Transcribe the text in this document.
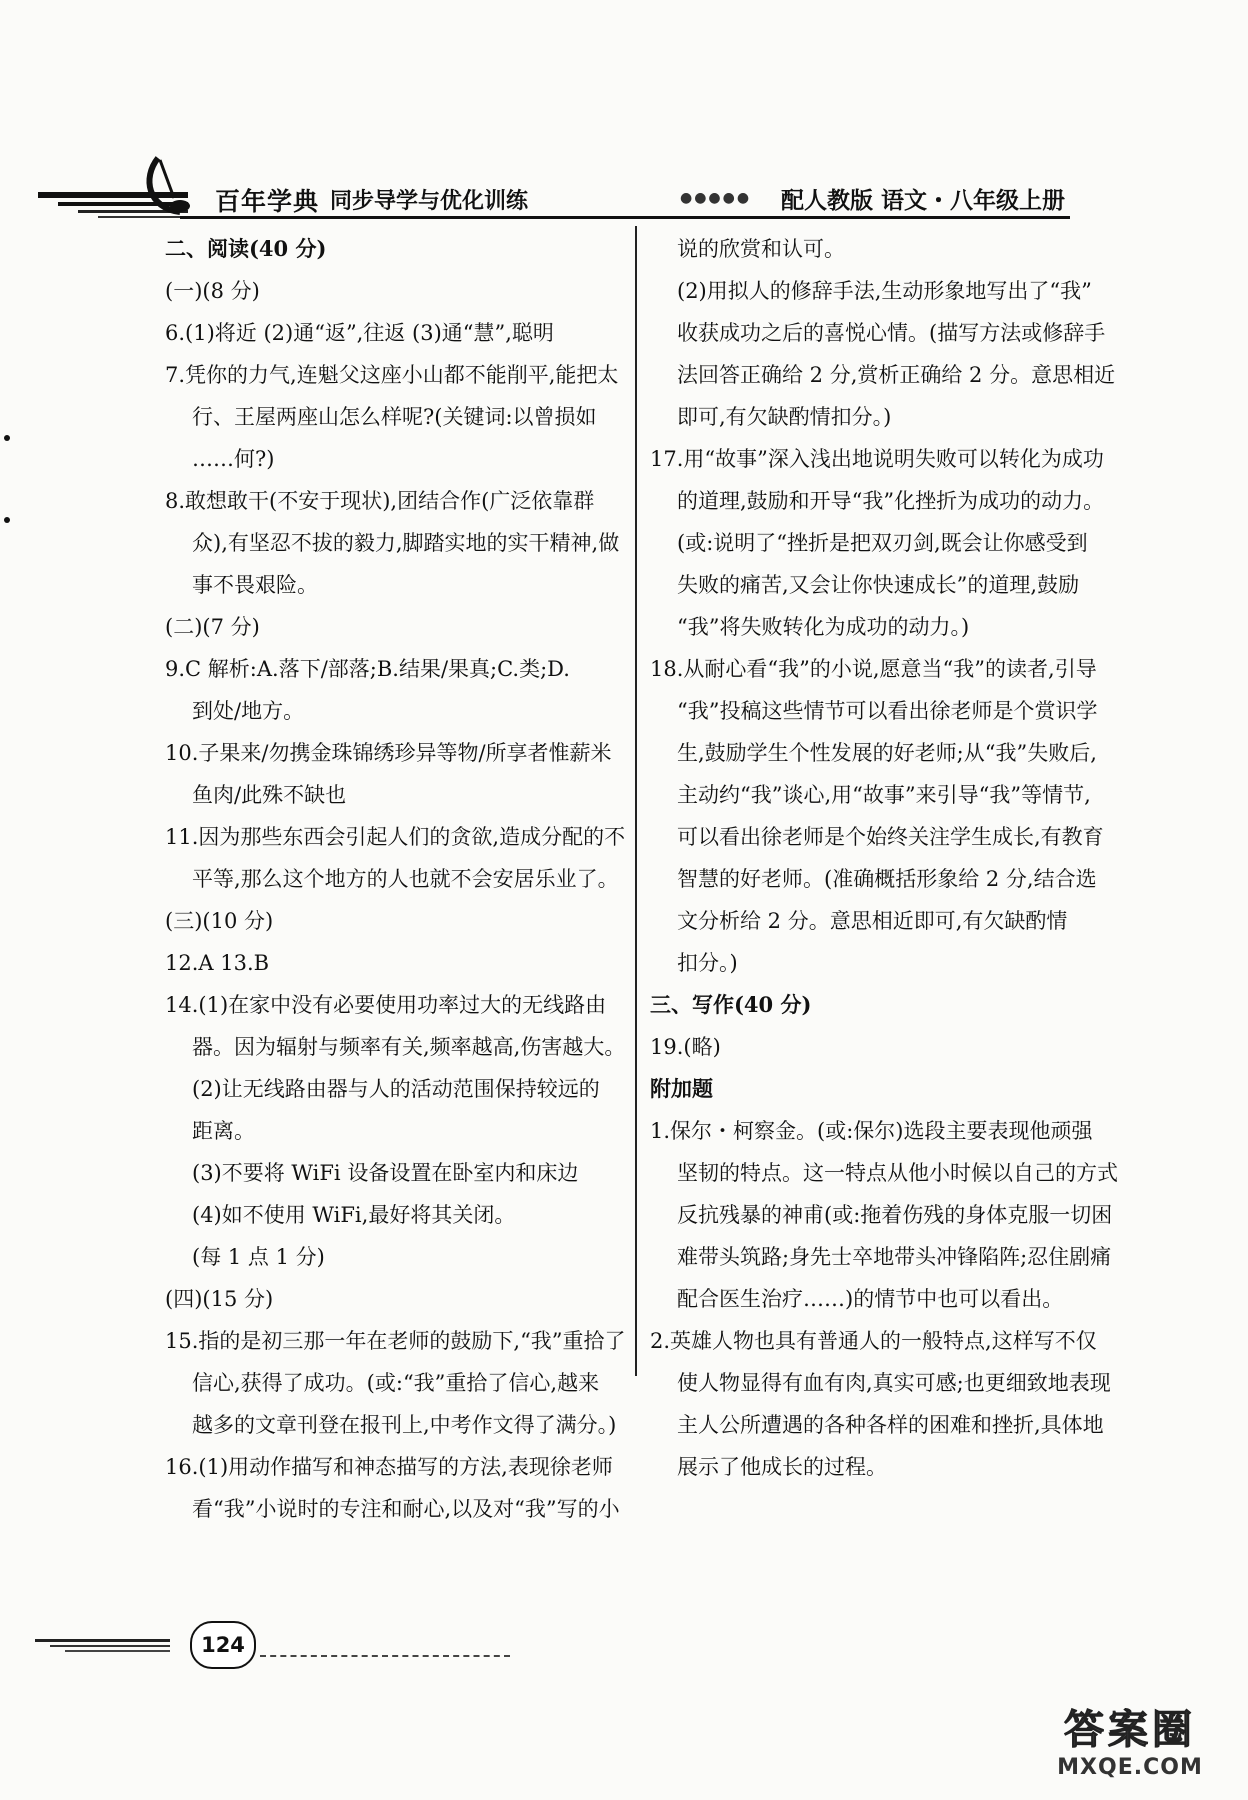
百年学典 同步导学与优化训练	●●●●● 配人教版 语文・八年级上册
二、阅读(40 分)
(一)(8 分)
6.(1)将近 (2)通“返”,往返 (3)通“慧”,聪明
7.凭你的力气,连魁父这座小山都不能削平,能把太
行、王屋两座山怎么样呢?(关键词:以曾损如
……何?)
8.敢想敢干(不安于现状),团结合作(广泛依靠群
众),有坚忍不拔的毅力,脚踏实地的实干精神,做
事不畏艰险。
(二)(7 分)
9.C 解析:A.落下/部落;B.结果/果真;C.类;D.
到处/地方。
10.子果来/勿携金珠锦绣珍异等物/所享者惟薪米
鱼肉/此殊不缺也
11.因为那些东西会引起人们的贪欲,造成分配的不
平等,那么这个地方的人也就不会安居乐业了。
(三)(10 分)
12.A 13.B
14.(1)在家中没有必要使用功率过大的无线路由
器。因为辐射与频率有关,频率越高,伤害越大。
(2)让无线路由器与人的活动范围保持较远的
距离。
(3)不要将 WiFi 设备设置在卧室内和床边
(4)如不使用 WiFi,最好将其关闭。
(每 1 点 1 分)
(四)(15 分)
15.指的是初三那一年在老师的鼓励下,“我”重拾了
信心,获得了成功。(或:“我”重拾了信心,越来
越多的文章刊登在报刊上,中考作文得了满分。)
16.(1)用动作描写和神态描写的方法,表现徐老师
看“我”小说时的专注和耐心,以及对“我”写的小
说的欣赏和认可。
(2)用拟人的修辞手法,生动形象地写出了“我”
收获成功之后的喜悦心情。(描写方法或修辞手
法回答正确给 2 分,赏析正确给 2 分。意思相近
即可,有欠缺酌情扣分。)
17.用“故事”深入浅出地说明失败可以转化为成功
的道理,鼓励和开导“我”化挫折为成功的动力。
(或:说明了“挫折是把双刃剑,既会让你感受到
失败的痛苦,又会让你快速成长”的道理,鼓励
“我”将失败转化为成功的动力。)
18.从耐心看“我”的小说,愿意当“我”的读者,引导
“我”投稿这些情节可以看出徐老师是个赏识学
生,鼓励学生个性发展的好老师;从“我”失败后,
主动约“我”谈心,用“故事”来引导“我”等情节,
可以看出徐老师是个始终关注学生成长,有教育
智慧的好老师。(准确概括形象给 2 分,结合选
文分析给 2 分。意思相近即可,有欠缺酌情
扣分。)
三、写作(40 分)
19.(略)
附加题
1.保尔・柯察金。(或:保尔)选段主要表现他顽强
坚韧的特点。这一特点从他小时候以自己的方式
反抗残暴的神甫(或:拖着伤残的身体克服一切困
难带头筑路;身先士卒地带头冲锋陷阵;忍住剧痛
配合医生治疗……)的情节中也可以看出。
2.英雄人物也具有普通人的一般特点,这样写不仅
使人物显得有血有肉,真实可感;也更细致地表现
主人公所遭遇的各种各样的困难和挫折,具体地
展示了他成长的过程。
124
答案圈
MXQE.COM
